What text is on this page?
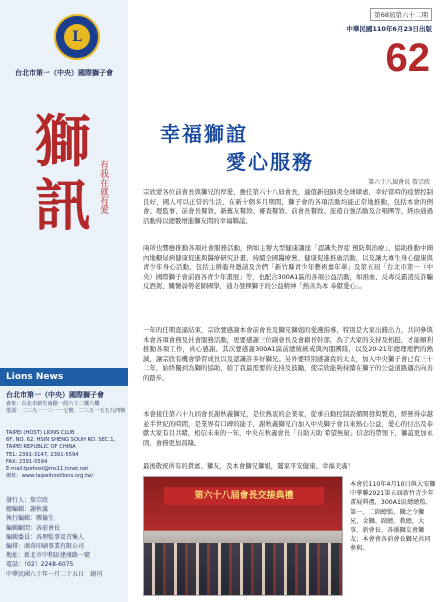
L
台北市第一（中央）國際獅子會
獅訊 有我在就有愛
Lions News
台北市第一（中央）國際獅子會
會址：台北市新生南路一段六十二號六樓
電話：二三九一一三一一七號．二三五一五五九四號
TAIPEI (HOST) LIONS CLUB
6F, NO. 62, HSIN SHENG SOUH RD. SEC.1,
TAIPEI REPUBLIC OF CHINA
TEL: 2391-3147, 2391-5594
FAX: 2391-5594
E-mail:tpehost@ms11.hinet.net
網址：www.taipeihostlions.org.tw/
發行人：詹宗欣
總編輯：謝秋義
執行編輯：鄭倫生
編輯顧問：各前會長
編輯委員：各理監事及召集人
編排：鴻奇印刷事業有限公司
地址：新北市中和區建康路一號
電話：（02）2248-6075
中華民國八十年一月二十五日　創刊
第68屆第六十二期
中華民國110年6月23日出版
62
幸福獅誼
愛心服務
第六十八屆會長 詹宗欣
宗欣蒙各位前會長與獅兄的厚愛，擔任第六十八屆會長，適值新冠肺炎全球肆虐，幸好當時的疫情控制良好，國人可以正常的生活，在新十個多月期間，獅子會的各項活動均能正常地推動，包括本會的例會、理監事、前會長餐敘、新舊友餐敘、審查餐敘、前會長餐敘、旅遊自強活動及合唱團等，經由通過活動得以總數增進獅友間的幸福聯誼。
兩所也響應推動各項社會服務活動，例如主辦大型健康講座「認識失智症 預防與治療」、協助推動中國內地糖尿病健康促進與醫療研究計畫、持續全國醫療營、健康促進推廣活動，以及讓大專生身心健康與青少年身心活動，包括主辦龍舟邀請及舍們「新竹縣青少年藝術嘉年華」及第五屆「台北市第一（中央）國際獅子會前面各青少年畫展」等，也配合300A1區的各項公益活動，如捐血、反毒反霸凌反詐騙反酒駕、關懷弱勢老師國學，通力發揮獅子的公益精神「熱善為本 奉獻愛心」。
一年的任期直逼結束，宗欣要感謝本會前會長及獅兄獅姐的愛護指導，特別是大家出錢出力，共同參與本會各項會務及社會服務活動，更要感謝三位副會長及會籍長幹部，為了大家的支持及相挺，才能順利推動各項工作，真心感謝。其次要感謝300A1區前總統統戒與內閣團隊，以及20-21年總理理們的熱誠，讓宗欣有機會學習成長以及認識許多好獅兄。另外要特別感謝我的太太，加入中央獅子會已有三十二年，始終獨到為獅的協助，給了我最需要的支持及鼓勵，使宗欣能夠持續在獅子的公益道路邁出向善的踏步。
本會接任第六十九屆會長謝秋義獅兄，是位熱衷的企業家，從事自動控制設備開發與製造，經營得卓越並半世紀的時間，是業界有口碑的能手，謝秋義獅兄自加入中央獅子會以來熱心公益，愛心的付出及奉獻大家有目共睹，相信未來的一年，中央在秋義會長「自助天助 希望無窮」信念的帶領下，獅誼更加永固，會務更加昌隆。
最後敬祝所有的貴賓、獅友，及本會獅兄獅姐，闔家平安健康、幸福美滿！
第六十八屆會長交接典禮
本會於110年4月10日與大安獅中華聯2021第五屆新竹青少年畫展典禮，300A1區總總監、第一、二副總監、獅之令獅兄、金獅、副總、教總、大事、新會長、各團獅友會獅友；本會會各前會長獅兄共同參與。
